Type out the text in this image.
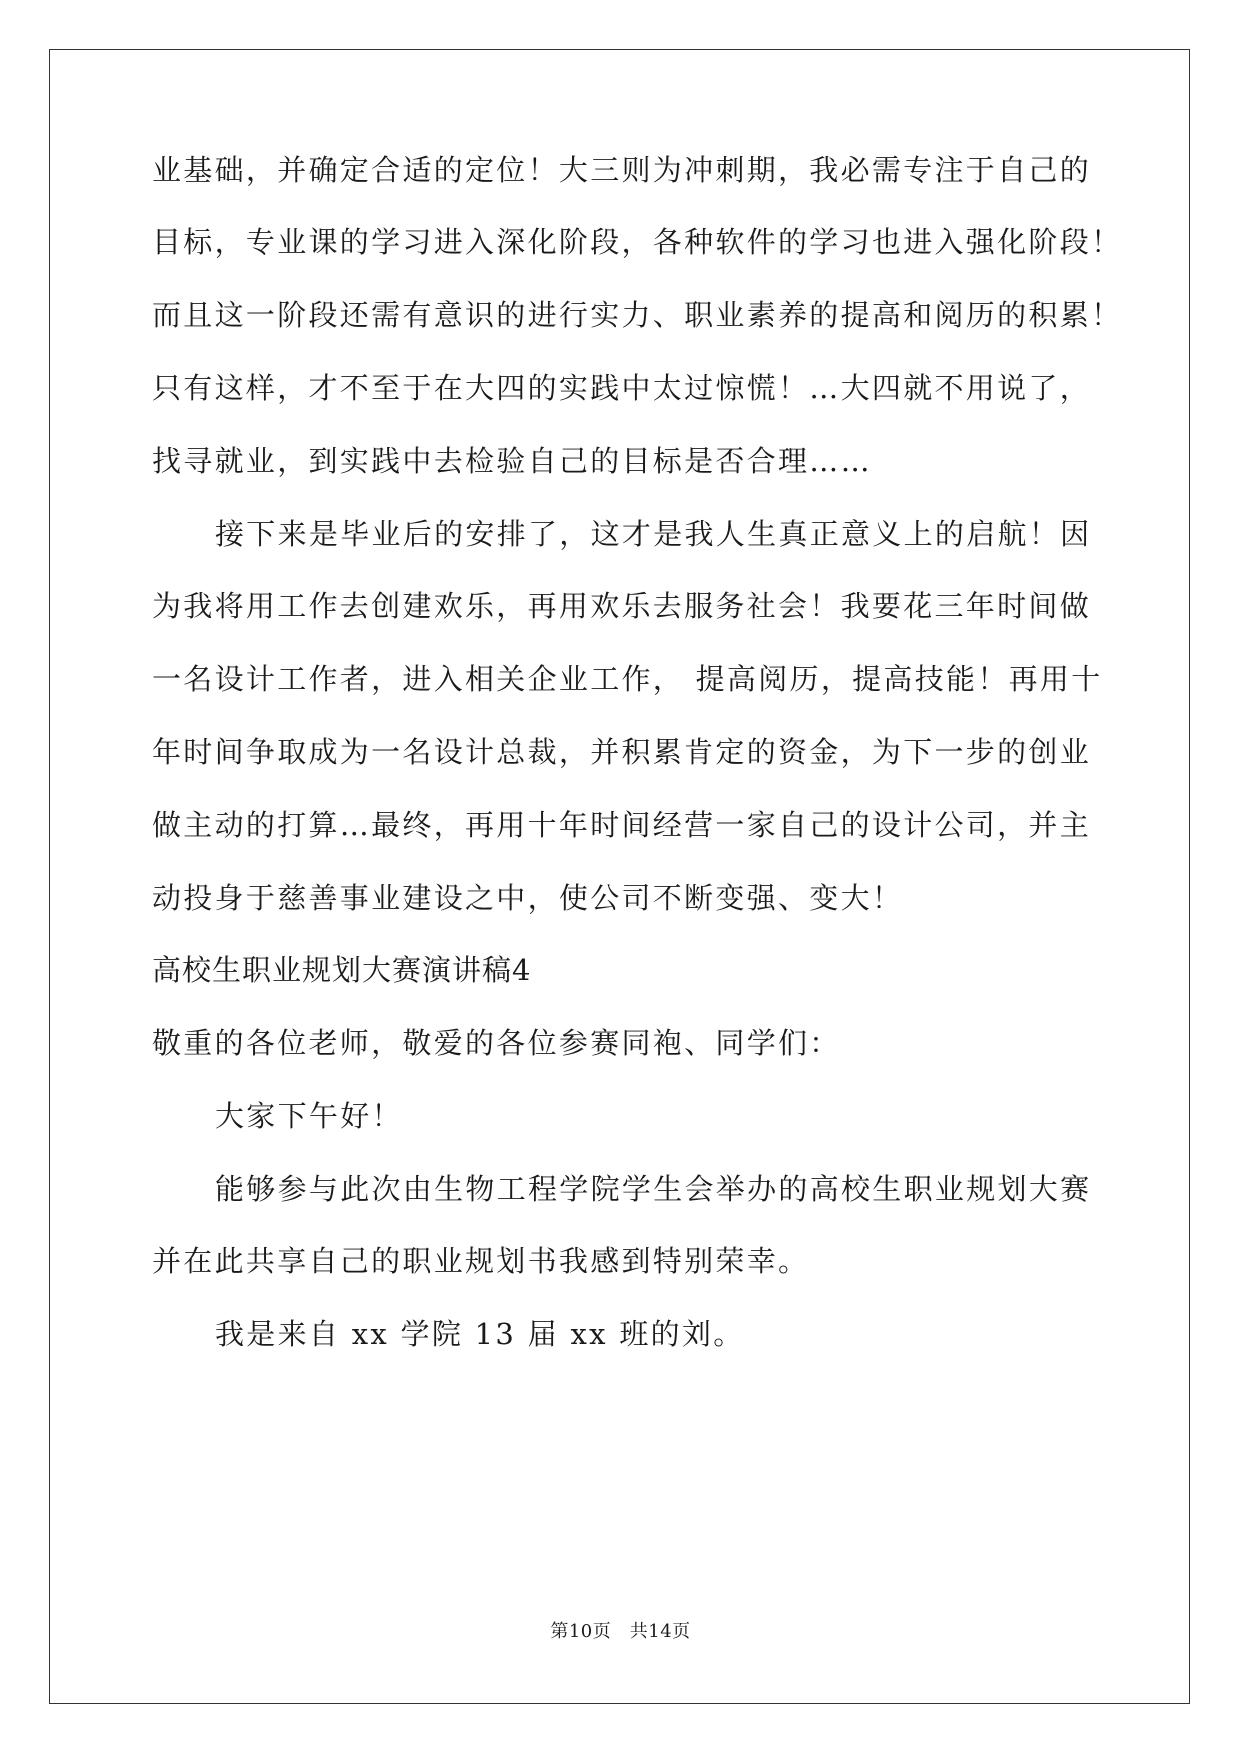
业基础，并确定合适的定位！大三则为冲刺期，我必需专注于自己的
目标，专业课的学习进入深化阶段，各种软件的学习也进入强化阶段！
而且这一阶段还需有意识的进行实力、职业素养的提高和阅历的积累！
只有这样，才不至于在大四的实践中太过惊慌！…大四就不用说了，
找寻就业，到实践中去检验自己的目标是否合理……
接下来是毕业后的安排了，这才是我人生真正意义上的启航！因
为我将用工作去创建欢乐，再用欢乐去服务社会！我要花三年时间做
一名设计工作者，进入相关企业工作， 提高阅历，提高技能！再用十
年时间争取成为一名设计总裁，并积累肯定的资金，为下一步的创业
做主动的打算…最终，再用十年时间经营一家自己的设计公司，并主
动投身于慈善事业建设之中，使公司不断变强、变大！
高校生职业规划大赛演讲稿4
敬重的各位老师，敬爱的各位参赛同袍、同学们：
大家下午好！
能够参与此次由生物工程学院学生会举办的高校生职业规划大赛
并在此共享自己的职业规划书我感到特别荣幸。
我是来自 xx 学院 13 届 xx 班的刘。
第10页　共14页
